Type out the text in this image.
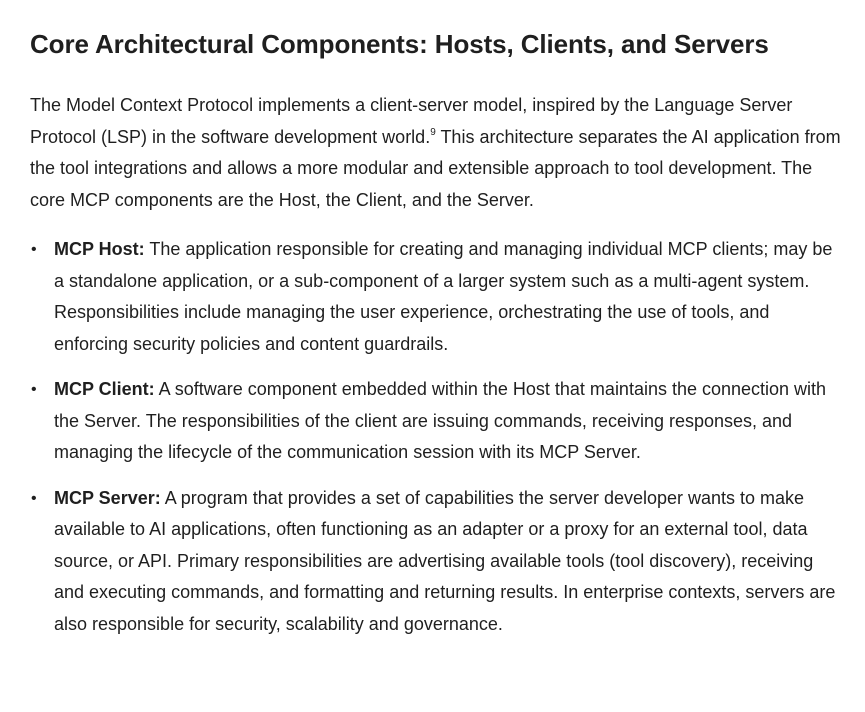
Core Architectural Components: Hosts, Clients, and Servers

The Model Context Protocol implements a client-server model, inspired by the Language Server Protocol (LSP) in the software development world.$^9$ This architecture separates the AI application from the tool integrations and allows a more modular and extensible approach to tool development. The core MCP components are the Host, the Client, and the Server.

• MCP Host: The application responsible for creating and managing individual MCP clients; may be a standalone application, or a sub-component of a larger system such as a multi-agent system. Responsibilities include managing the user experience, orchestrating the use of tools, and enforcing security policies and content guardrails.
• MCP Client: A software component embedded within the Host that maintains the connection with the Server. The responsibilities of the client are issuing commands, receiving responses, and managing the lifecycle of the communication session with its MCP Server.
• MCP Server: A program that provides a set of capabilities the server developer wants to make available to AI applications, often functioning as an adapter or a proxy for an external tool, data source, or API. Primary responsibilities are advertising available tools (tool discovery), receiving and executing commands, and formatting and returning results. In enterprise contexts, servers are also responsible for security, scalability and governance.
